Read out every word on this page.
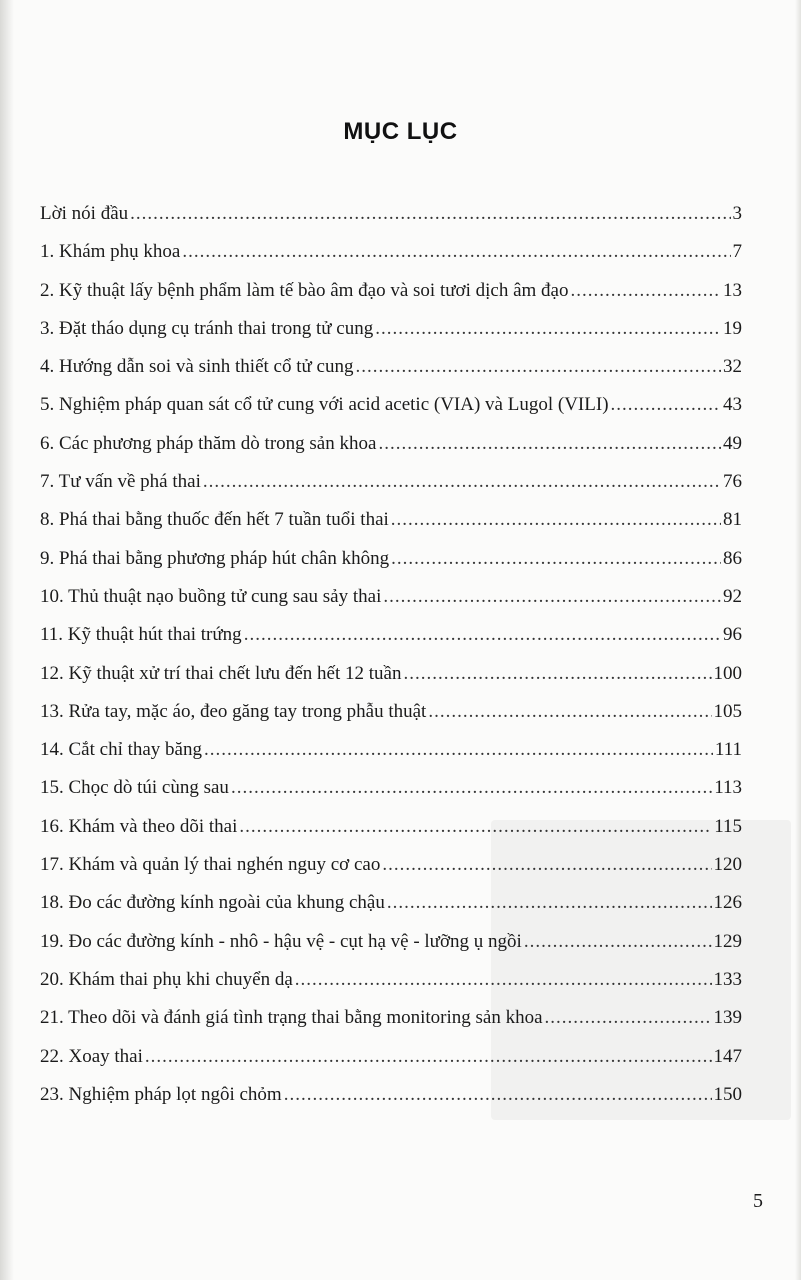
MỤC LỤC
Lời nói đầu .....	3
1. Khám phụ khoa .....	7
2. Kỹ thuật lấy bệnh phẩm làm tế bào âm đạo và soi tươi dịch âm đạo .....	13
3. Đặt tháo dụng cụ tránh thai trong tử cung .....	19
4. Hướng dẫn soi và sinh thiết cổ tử cung .....	32
5. Nghiệm pháp quan sát cổ tử cung với acid acetic (VIA) và Lugol (VILI) .....	43
6. Các phương pháp thăm dò trong sản khoa .....	49
7. Tư vấn về phá thai .....	76
8. Phá thai bằng thuốc đến hết 7 tuần tuổi thai .....	81
9. Phá thai bằng phương pháp hút chân không .....	86
10. Thủ thuật nạo buồng tử cung sau sảy thai .....	92
11. Kỹ thuật hút thai trứng .....	96
12. Kỹ thuật xử trí thai chết lưu đến hết 12 tuần .....	100
13. Rửa tay, mặc áo, đeo găng tay trong phẫu thuật .....	105
14. Cắt chỉ thay băng .....	111
15. Chọc dò túi cùng sau .....	113
16. Khám và theo dõi thai .....	115
17. Khám và quản lý thai nghén nguy cơ cao .....	120
18. Đo các đường kính ngoài của khung chậu .....	126
19. Đo các đường kính - nhô - hậu vệ - cụt hạ vệ - lưỡng ụ ngồi .....	129
20. Khám thai phụ khi chuyển dạ .....	133
21. Theo dõi và đánh giá tình trạng thai bằng monitoring sản khoa .....	139
22. Xoay thai .....	147
23. Nghiệm pháp lọt ngôi chỏm .....	150
5
